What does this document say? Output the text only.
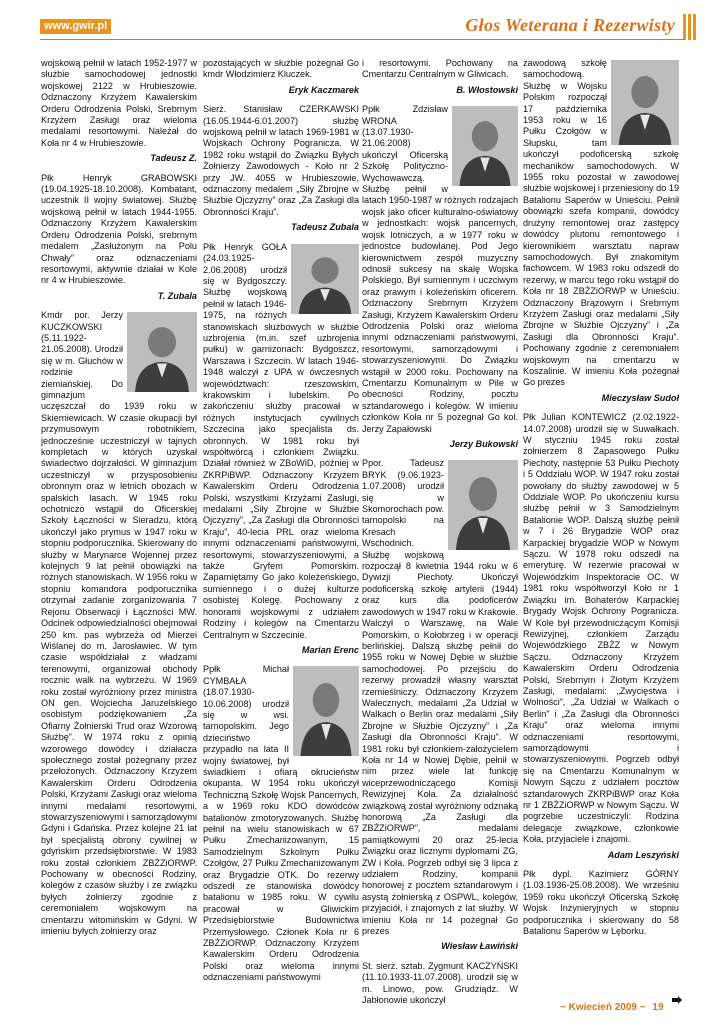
www.gwir.pl	Głos Weterana i Rezerwisty

wojskową pełnił w latach 1952-1977 w służbie samochodowej jednostki wojskowej 2122 w Hrubieszowie. Odznaczony Krzyżem Kawalerskim Orderu Odrodzenia Polski, Srebrnym Krzyżem Zasługi oraz wieloma medalami resortowymi. Należał do Koła nr 4 w Hrubieszowie.

Tadeusz Z.

Płk Henryk GRABOWSKI (19.04.1925-18.10.2008). Kombatant, uczestnik II wojny światowej. Służbę wojskową pełnił w latach 1944-1955. Odznaczony Krzyżem Kawalerskim Orderu Odrodzenia Polski, srebrnym medalem „Zasłużonym na Polu Chwały” oraz odznaczeniami resortowymi, aktywnie działał w Kole nr 4 w Hrubieszowie.

T. Zubala

Kmdr por. Jerzy KUCZKOWSKI (5.11.1922-21.05.2008). Urodził się w m. Głuchów w rodzinie ziemiańskiej. Do gimnazjum uczęszczał do 1939 roku w Skierniewicach. W czasie okupacji był przymusowym robotnikiem, jednocześnie uczestniczył w tajnych kompletach w których uzyskał świadectwo dojrzałości. W gimnazjum uczestniczył w przysposobieniu obronnym oraz w letnich obozach w spalskich lasach. W 1945 roku ochotniczo wstąpił do Oficerskiej Szkoły Łączności w Sieradzu, którą ukończył jako prymus w 1947 roku w stopniu podporucznika. Skierowany do służby w Marynarce Wojennej przez kolejnych 9 lat pełnił obowiązki na różnych stanowiskach. W 1956 roku w stopniu komandora podporucznika otrzymał zadanie zorganizowania 7 Rejonu Obserwacji i Łączności MW. Odcinek odpowiedzialności obejmował 250 km. pas wybrzeża od Mierzei Wiślanej do m. Jarosławiec. W tym czasie współdziałał z władzami terenowymi, organizował obchody rocznic walk na wybrzeżu. W 1969 roku został wyróżniony przez ministra ON gen. Wojciecha Jaruzelskiego osobistym podziękowaniem „Za Ofiarny Żołnierski Trud oraz Wzorową Służbę”. W 1974 roku z opinią wzorowego dowódcy i działacza społecznego został pożegnany przez przełożonych. Odznaczony Krzyżem Kawalerskim Orderu Odrodzenia Polski, Krzyżami Zasługi oraz wieloma innymi medalami resortowymi, stowarzyszeniowymi i samorządowymi Gdyni i Gdańska. Przez kolejne 21 lat był specjalistą obrony cywilnej w gdyńskim przedsiębiorstwie. W 1983 roku został członkiem ZBŻZiORWP. Pochowany w obecności Rodziny, kolegów z czasów służby i ze związku byłych żołnierzy zgodnie z ceremoniałem wojskowym na cmentarzu witomińskim w Gdyni. W imieniu byłych żołnierzy oraz

pozostających w służbie pożegnał Go kmdr Włodzimierz Kluczek.

Eryk Kaczmarek

Sierż. Stanisław CZERKAWSKI (16.05.1944-6.01.2007) służbę wojskową pełnił w latach 1969-1981 w Wojskach Ochrony Pogranicza. W 1982 roku wstąpił do Związku Byłych Żołnierzy Zawodowych - Koło nr 2 przy JW. 4055 w Hrubieszowie, odznaczony medalem „Siły Zbrojne w Służbie Ojczyzny” oraz „Za Zasługi dla Obronności Kraju”.

Tadeusz Zubala

Płk Henryk GOŁA (24.03.1925-2.06.2008) urodził się w Bydgoszczy. Służbę wojskową pełnił w latach 1946-1975, na różnych stanowiskach służbowych w służbie uzbrojenia (m.in. szef uzbrojenia pułku) w garnizonach: Bydgoszcz, Warszawa i Szczecin. W latach 1946-1948 walczył z UPA w ówczesnych województwach: rzeszowskim, krakowskim i lubelskim. Po zakończeniu służby pracował w różnych instytucjach cywilnych Szczecina jako specjalista ds. obronnych. W 1981 roku był współtwórcą i członkiem Związku. Działał również w ZBoWiD, później w ZKRPiBWP. Odznaczony Krzyżem Kawalerskim Orderu Odrodzenia Polski, wszystkimi Krzyżami Zasługi, medalami „Siły Zbrojne w Służbie Ojczyzny”, „Za Zasługi dla Obronności Kraju”, 40-lecia PRL oraz wieloma innymi odznaczeniami państwowymi, resortowymi, stowarzyszeniowymi, a także Gryfem Pomorskim. Zapamiętamy Go jako koleżeńskiego, sumiennego i o dużej kulturze osobistej Kolegę. Pochowany z honorami wojskowymi z udziałem Rodziny i kolegów na Cmentarzu Centralnym w Szczecinie.

Marian Erenc

Ppłk Michał CYMBAŁA (18.07.1930-10.06.2008) urodził się w wsi. tarnopolskim. Jego dzieciństwo przypadło na lata II wojny światowej, był świadkiem i ofiarą okrucieństw okupanta. W 1954 roku ukończył Techniczną Szkołę Wojsk Pancernych, a w 1969 roku KDO dowódców batalionów zmotoryzowanych. Służbę pełnił na wielu stanowiskach w 67 Pułku Zmechanizowanym, 15 Samodzielnym Szkolnym Pułku Czołgów, 27 Pułku Zmechanizowanym oraz Brygadzie OTK. Do rezerwy odszedł ze stanowiska dowódcy batalionu w 1985 roku. W cywilu pracował w Gliwickim Przedsiębiorstwie Budownictwa Przemysłowego. Członek Koła nr 6 ZBŻZiORWP. Odznaczony Krzyżem Kawalerskim Orderu Odrodzenia Polski oraz wieloma innymi odznaczeniami państwowymi

i resortowymi. Pochowany na Cmentarzu Centralnym w Gliwicach.

B. Włostowski

Ppłk Zdzisław WRONA (13.07.1930-21.06.2008) ukończył Oficerską Szkołę Polityczno-Wychowawczą. Służbę pełnił w latach 1950-1987 w różnych rodzajach wojsk jako oficer kulturalno-oświatowy w jednostkach: wojsk pancernych, wojsk lotniczych, a w 1977 roku w jednostce budowlanej. Pod Jego kierownictwem zespół muzyczny odnosił sukcesy na skalę Wojska Polskiego. Był sumiennym i uczciwym oraz prawym i koleżeńskim oficerem. Odznaczony Srebrnym Krzyżem Zasługi, Krzyżem Kawalerskim Orderu Odrodzenia Polski oraz wieloma innymi odznaczeniami państwowymi, resortowymi, samorządowymi i stowarzyszeniowymi. Do Związku wstąpił w 2000 roku. Pochowany na Cmentarzu Komunalnym w Pile w obecności Rodziny, pocztu sztandarowego i kolegów. W imieniu członków Koła nr 5 pożegnał Go kol. Jerzy Zapałowski

Jerzy Bukowski

Ppor. Tadeusz BRYK (9.06.1923-1.07.2008) urodził się w Skomorochach pow. tarnopolski na Kresach Wschodnich. Służbę wojskową rozpoczął 8 kwietnia 1944 roku w 6 Dywizji Piechoty. Ukończył podoficerską szkołę artylerii (1944) oraz kurs dla podoficerów zawodowych w 1947 roku w Krakowie. Walczył o Warszawę, na Wale Pomorskim, o Kołobrzeg i w operacji berlińskiej. Dalszą służbę pełnił do 1955 roku w Nowej Dębie w służbie samochodowej. Po przejściu do rezerwy prowadził własny warsztat rzemieślniczy. Odznaczony Krzyżem Walecznych, medalami „Za Udział w Walkach o Berlin oraz medalami „Siły Zbrojne w Służbie Ojczyzny” i „Za Zasługi dla Obronności Kraju”. W 1981 roku był członkiem-założycielem Koła nr 14 w Nowej Dębie, pełnił w nim przez wiele lat funkcję wiceprzewodniczącego Komisji Rewizyjnej Koła. Za działalność związkową został wyróżniony odznaką honorową „Za Zasługi dla ZBŻZiORWP”, medalami pamiątkowymi 20 oraz 25-lecia Związku oraz licznymi dyplomami ZG, ZW i Koła. Pogrzeb odbył się 3 lipca z udziałem Rodziny, kompanii honorowej z pocztem sztandarowym i asystą żołnierską z OSPWL, kolegów, przyjaciół, i znajomych z lat służby. W imieniu Koła nr 14 pożegnał Go prezes

Wiesław Ławiński

St. sierż. sztab. Zygmunt KACZYŃSKI (11.10.1933-11.07.2008). urodził się w m. Linowo, pow. Grudziądz. W Jabłonowie ukończył

zawodową szkołę samochodową. Służbę w Wojsku Polskim rozpoczął 17 października 1953 roku w 16 Pułku Czołgów w Słupsku, tam ukończył podoficerską szkołę mechaników samochodowych. W 1955 roku pozostał w zawodowej służbie wojskowej i przeniesiony do 19 Batalionu Saperów w Unieściu. Pełnił obowiązki szefa kompanii, dowódcy drużyny remontowej oraz zastępcy dowódcy plutonu remontowego i kierownikiem warsztatu napraw samochodowych. Był znakomitym fachowcem. W 1983 roku odszedł do rezerwy, w marcu tego roku wstąpił do Koła nr 18 ZBŻZiORWP w Unieściu. Odznaczony Brązowym i Srebrnym Krzyżem Zasługi oraz medalami „Siły Zbrojne w Służbie Ojczyzny” i „Za Zasługi dla Obronności Kraju”. Pochowany zgodnie z ceremoniałem wojskowym na cmentarzu w Koszalinie. W imieniu Koła pożegnał Go prezes

Mieczysław Sudoł

Płk Julian KONTEWICZ (2.02.1922-14.07.2008) urodził się w Suwałkach. W styczniu 1945 roku został żołnierzem 8 Zapasowego Pułku Piechoty, następnie 53 Pułku Piechoty i 5 Oddziału WOP. W 1947 roku został powołany do służby zawodowej w 5 Oddziale WOP. Po ukończeniu kursu służbę pełnił w 3 Samodzielnym Batalionie WOP. Dalszą służbę pełnił w 7 i 26 Brygadzie WOP oraz Karpackiej brygadzie WOP w Nowym Sączu. W 1978 roku odszedł na emeryturę. W rezerwie pracował w Wojewódzkim Inspektoracie OC. W 1981 roku współtworzył Koło nr 1 Związku im. Bohaterów Karpackiej Brygady Wojsk Ochrony Pogranicza. W Kole był przewodniczącym Komisji Rewizyjnej, członkiem Zarządu Wojewódzkiego ZBŻZ w Nowym Sączu. Odznaczony Krzyżem Kawalerskim Orderu Odrodzenia Polski, Srebrnym i Złotym Krzyżem Zasługi, medalami: „Zwycięstwa i Wolności”, „Za Udział w Walkach o Berlin” i „Za Zasługi dla Obronności Kraju” oraz wieloma innymi odznaczeniami resortowymi, samorządowymi i stowarzyszeniowymi. Pogrzeb odbył się na Cmentarzu Komunalnym w Nowym Sączu z udziałem pocztów sztandarowych ZKRPiBWP oraz Koła nr 1 ZBŻZiORWP w Nowym Sączu. W pogrzebie uczestniczyli: Rodzina delegacje związkowe, członkowie Koła, przyjaciele i znajomi.

Adam Leszyński

Płk dypl. Kazimierz GÓRNY (1.03.1936-25.08.2008). We wrześniu 1959 roku ukończył Oficerską Szkołę Wojsk Inżynieryjnych w stopniu podporucznika i skierowany do 58 Batalionu Saperów w Lęborku.

~ Kwiecień 2009 ~ 19
